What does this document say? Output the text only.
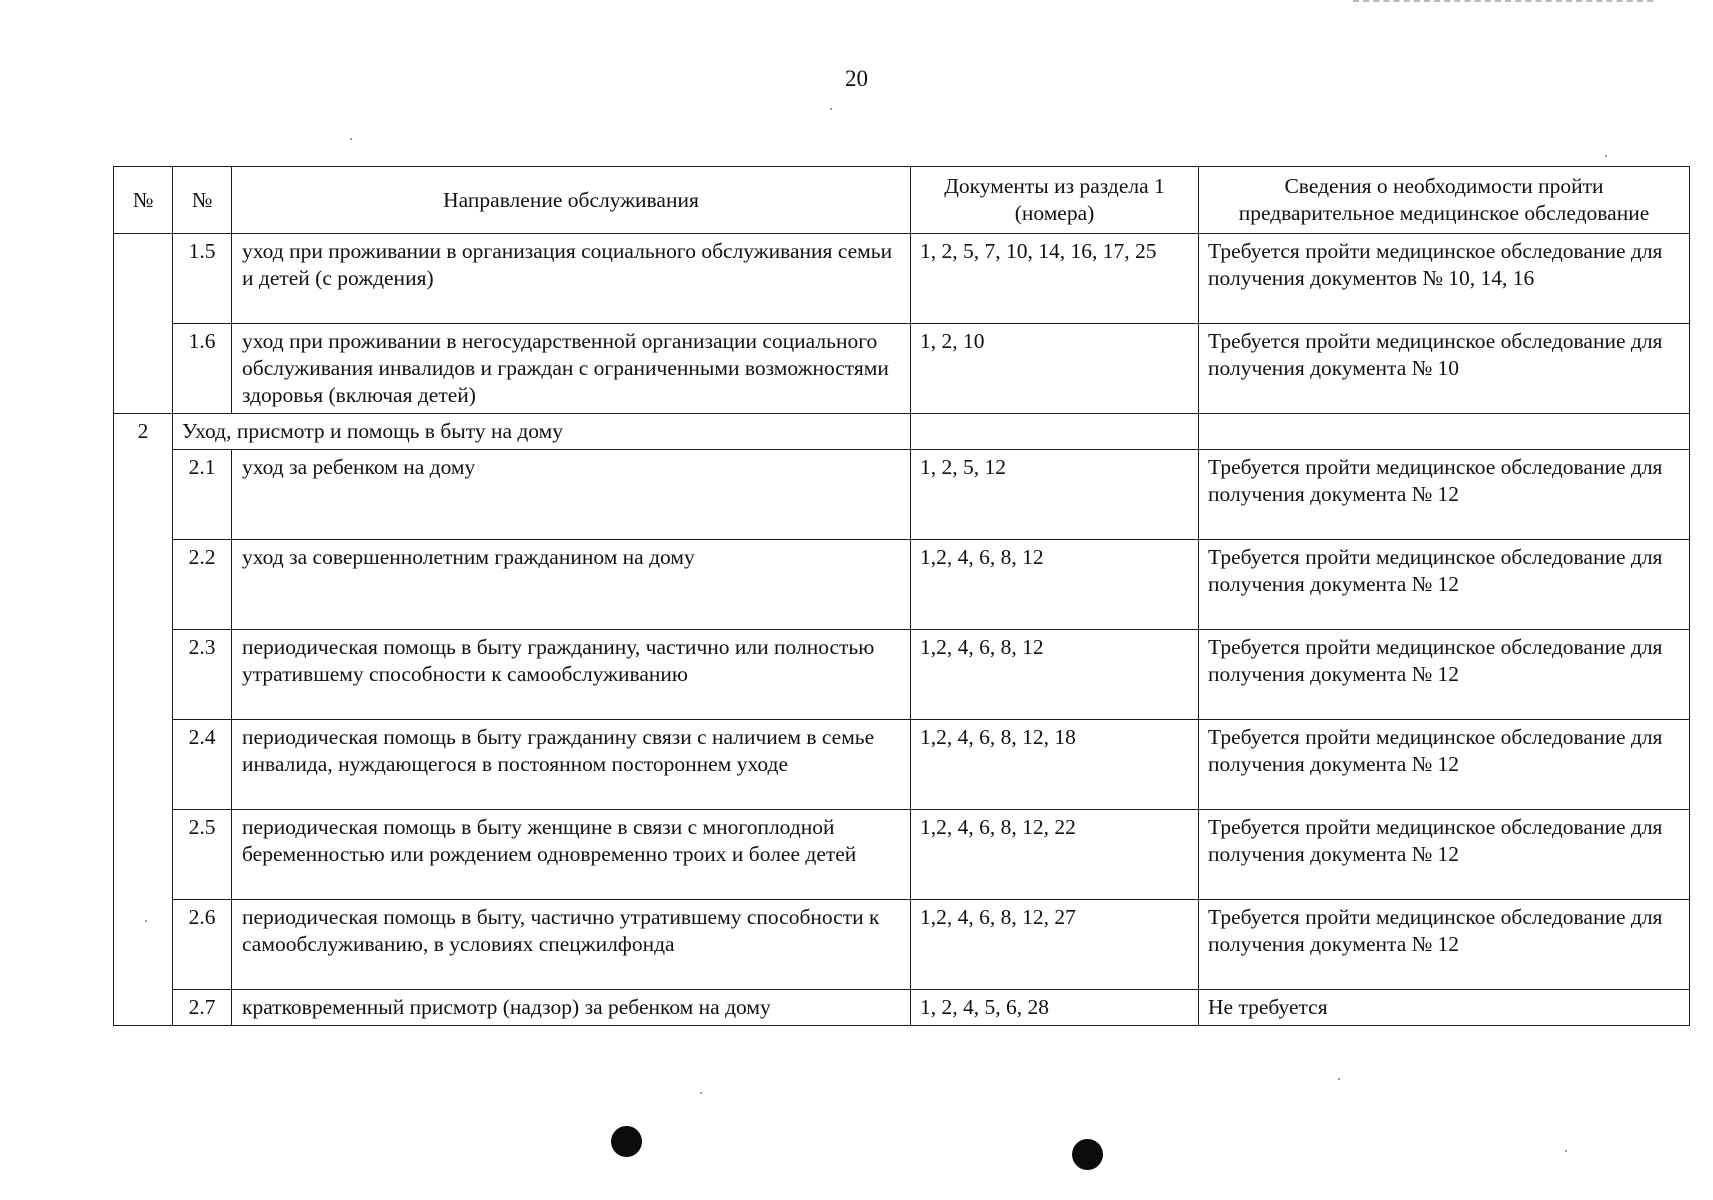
20
№	№	Направление обслуживания	Документы из раздела 1 (номера)	Сведения о необходимости пройти предварительное медицинское обследование
	1.5	уход при проживании в организация социального обслуживания семьи и детей (с рождения)	1, 2, 5, 7, 10, 14, 16, 17, 25	Требуется пройти медицинское обследование для получения документов № 10, 14, 16
	1.6	уход при проживании в негосударственной организации социального обслуживания инвалидов и граждан с ограниченными возможностями здоровья (включая детей)	1, 2, 10	Требуется пройти медицинское обследование для получения документа № 10
2	Уход, присмотр и помощь в быту на дому			
	2.1	уход за ребенком на дому	1, 2, 5, 12	Требуется пройти медицинское обследование для получения документа № 12
	2.2	уход за совершеннолетним гражданином на дому	1,2, 4, 6, 8, 12	Требуется пройти медицинское обследование для получения документа № 12
	2.3	периодическая помощь в быту гражданину, частично или полностью утратившему способности к самообслуживанию	1,2, 4, 6, 8, 12	Требуется пройти медицинское обследование для получения документа № 12
	2.4	периодическая помощь в быту гражданину связи с наличием в семье инвалида, нуждающегося в постоянном постороннем уходе	1,2, 4, 6, 8, 12, 18	Требуется пройти медицинское обследование для получения документа № 12
	2.5	периодическая помощь в быту женщине в связи с многоплодной беременностью или рождением одновременно троих и более детей	1,2, 4, 6, 8, 12, 22	Требуется пройти медицинское обследование для получения документа № 12
	2.6	периодическая помощь в быту, частично утратившему способности к самообслуживанию, в условиях спецжилфонда	1,2, 4, 6, 8, 12, 27	Требуется пройти медицинское обследование для получения документа № 12
	2.7	кратковременный присмотр (надзор) за ребенком на дому	1, 2, 4, 5, 6, 28	Не требуется
